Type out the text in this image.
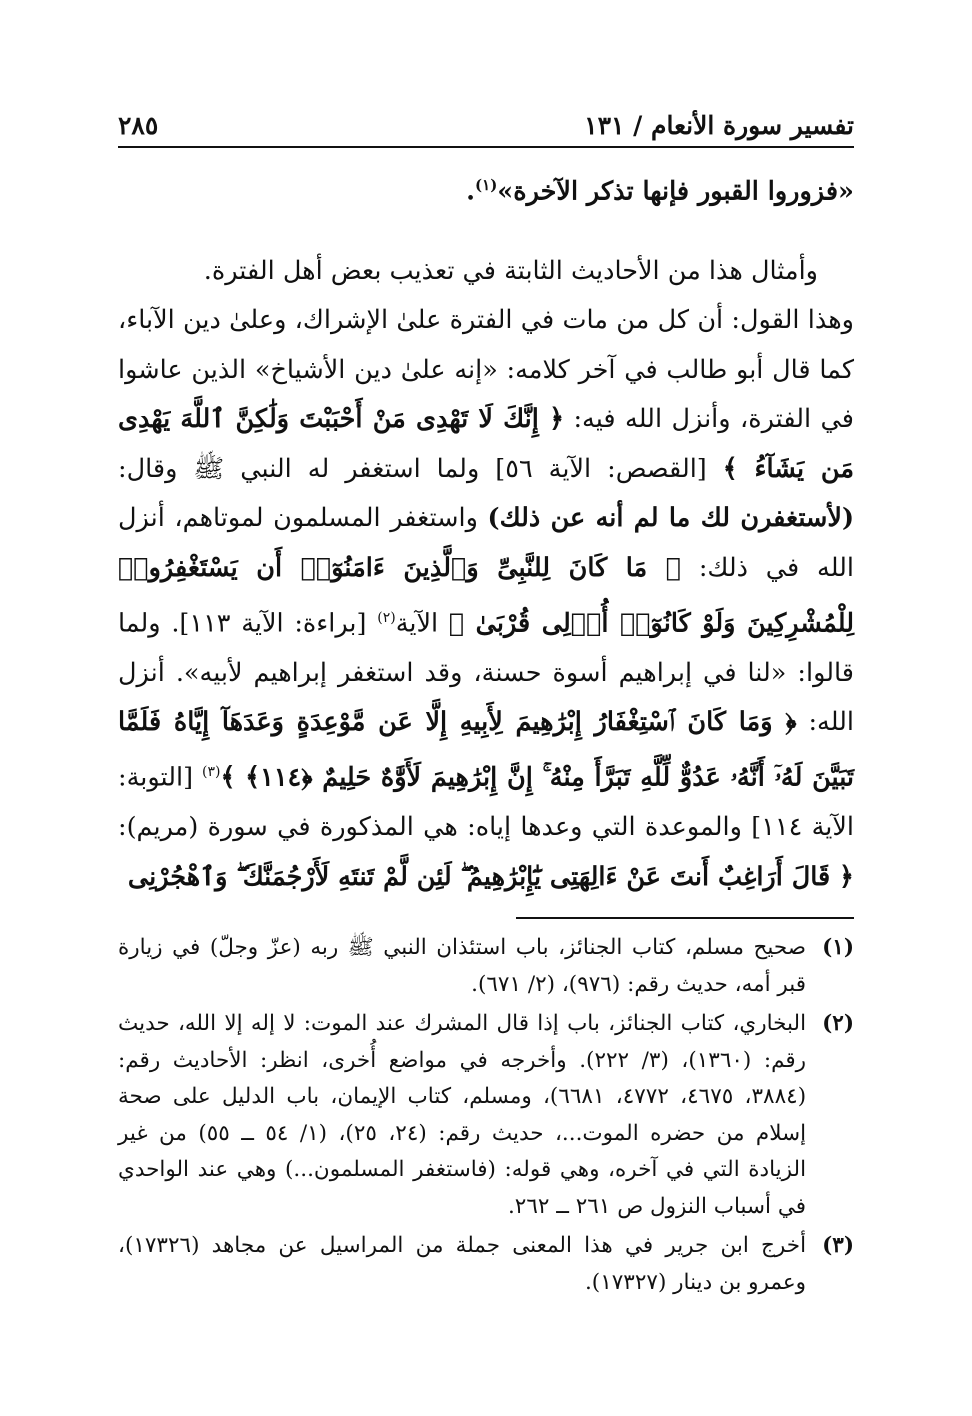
تفسير سورة الأنعام / ١٣١
٢٨٥

«فزوروا القبور فإنها تذكر الآخرة»$^{(١)}$.

وأمثال هذا من الأحاديث الثابتة في تعذيب بعض أهل الفترة.

وهذا القول: أن كل من مات في الفترة علىٰ الإشراك، وعلىٰ دين الآباء، كما قال أبو طالب في آخر كلامه: «إنه علىٰ دين الأشياخ» الذين عاشوا في الفترة، وأنزل الله فيه: ﴿ إِنَّكَ لَا تَهْدِى مَنْ أَحْبَبْتَ وَلَٰكِنَّ ٱللَّهَ يَهْدِى مَن يَشَآءُ ﴾ [القصص: الآية ٥٦] ولما استغفر له النبي ﷺ وقال: (لأستغفرن لك ما لم أنه عن ذلك) واستغفر المسلمون لموتاهم، أنزل الله في ذلك: ﴿ مَا كَانَ لِلنَّبِىِّ وَٱلَّذِينَ ءَامَنُوٓا۟ أَن يَسْتَغْفِرُوا۟ لِلْمُشْرِكِينَ وَلَوْ كَانُوٓا۟ أُو۟لِى قُرْبَىٰ ﴾ الآية$^{(٢)}$ [براءة: الآية ١١٣]. ولما قالوا: «لنا في إبراهيم أسوة حسنة، وقد استغفر إبراهيم لأبيه». أنزل الله: ﴿ وَمَا كَانَ ٱسْتِغْفَارُ إِبْرَٰهِيمَ لِأَبِيهِ إِلَّا عَن مَّوْعِدَةٍ وَعَدَهَآ إِيَّاهُ فَلَمَّا تَبَيَّنَ لَهُۥٓ أَنَّهُۥ عَدُوٌّ لِّلَّهِ تَبَرَّأَ مِنْهُ ۚ إِنَّ إِبْرَٰهِيمَ لَأَوَّٰهٌ حَلِيمٌ ﴿١١٤﴾ ﴾$^{(٣)}$ [التوبة: الآية ١١٤] والموعدة التي وعدها إياه: هي المذكورة في سورة (مريم): ﴿ قَالَ أَرَاغِبٌ أَنتَ عَنْ ءَالِهَتِى يَٰٓإِبْرَٰهِيمُ ۖ لَئِن لَّمْ تَنتَهِ لَأَرْجُمَنَّكَ ۖ وَٱهْجُرْنِى

(١)
صحيح مسلم، كتاب الجنائز، باب استئذان النبي ﷺ ربه (عزّ وجلّ) في زيارة قبر أمه، حديث رقم: (٩٧٦)، (٢/ ٦٧١).
(٢)
البخاري، كتاب الجنائز، باب إذا قال المشرك عند الموت: لا إله إلا الله، حديث رقم: (١٣٦٠)، (٣/ ٢٢٢). وأخرجه في مواضع أُخرى، انظر: الأحاديث رقم: (٣٨٨٤، ٤٦٧٥، ٤٧٧٢، ٦٦٨١)، ومسلم، كتاب الإيمان، باب الدليل على صحة إسلام من حضره الموت...، حديث رقم: (٢٤، ٢٥)، (١/ ٥٤ ــ ٥٥) من غير الزيادة التي في آخره، وهي قوله: (فاستغفر المسلمون...) وهي عند الواحدي في أسباب النزول ص ٢٦١ ــ ٢٦٢.
(٣)
أخرج ابن جرير في هذا المعنى جملة من المراسيل عن مجاهد (١٧٣٢٦)، وعمرو بن دينار (١٧٣٢٧).
